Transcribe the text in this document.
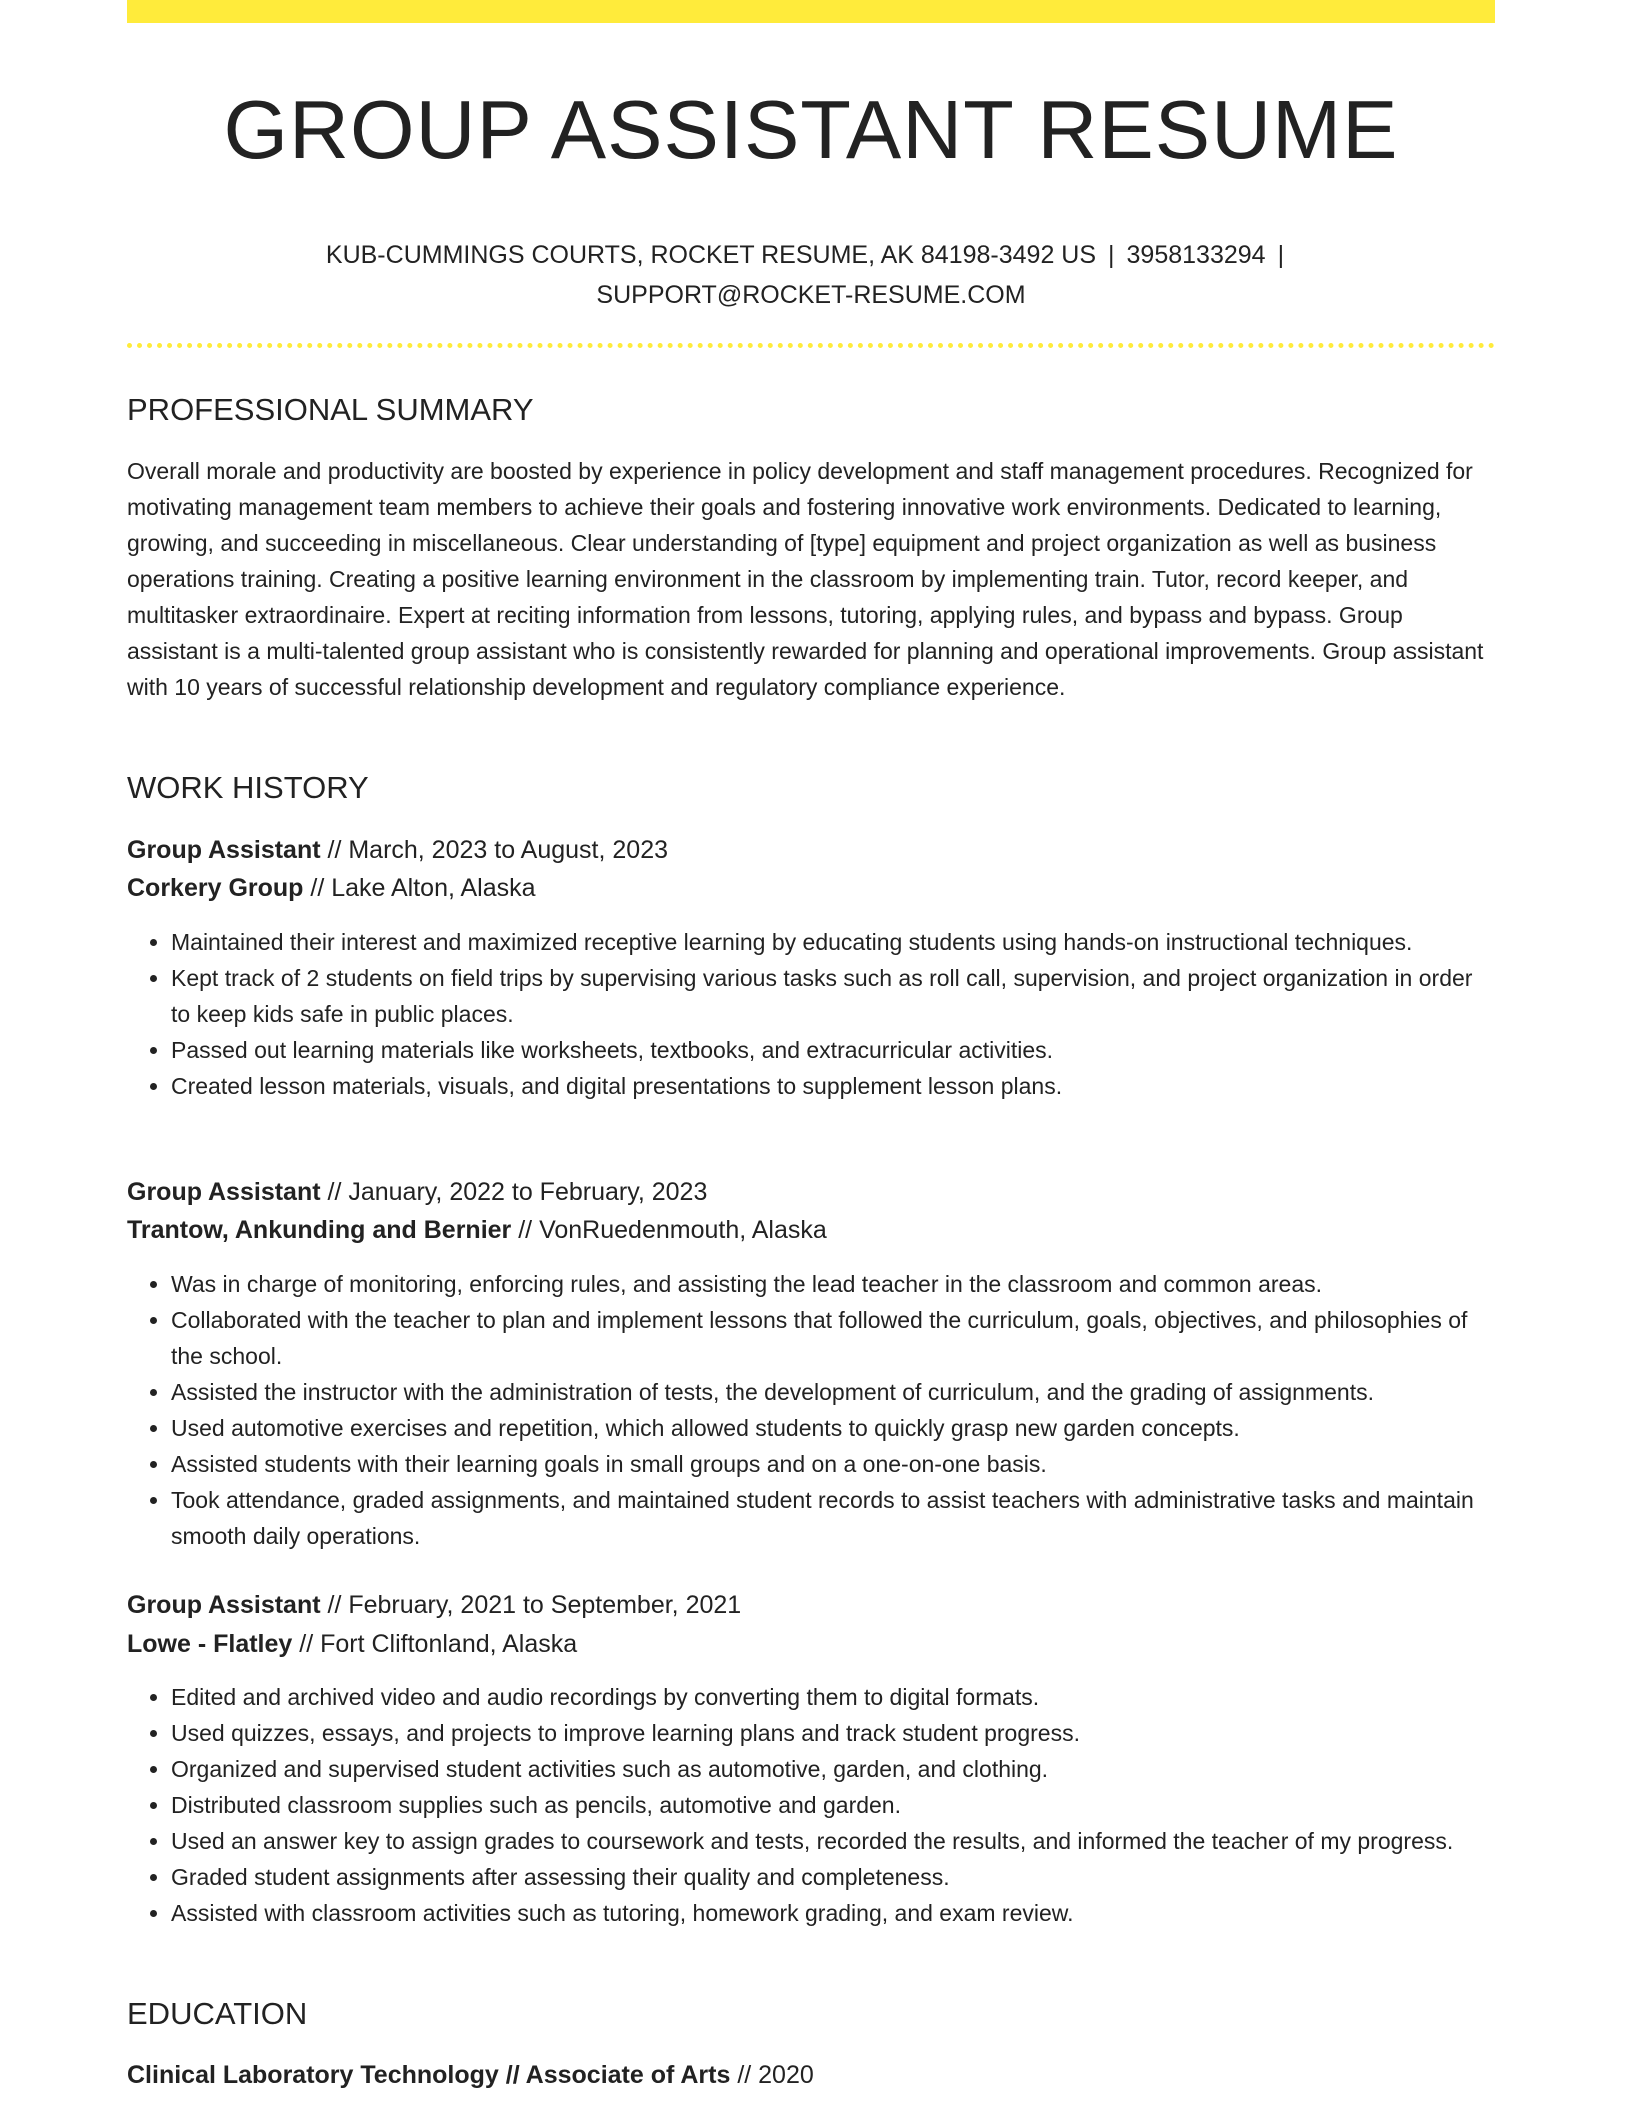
GROUP ASSISTANT RESUME
KUB-CUMMINGS COURTS, ROCKET RESUME, AK 84198-3492 US | 3958133294 |
SUPPORT@ROCKET-RESUME.COM
PROFESSIONAL SUMMARY

Overall morale and productivity are boosted by experience in policy development and staff management procedures. Recognized for motivating management team members to achieve their goals and fostering innovative work environments. Dedicated to learning, growing, and succeeding in miscellaneous. Clear understanding of [type] equipment and project organization as well as business operations training. Creating a positive learning environment in the classroom by implementing train. Tutor, record keeper, and multitasker extraordinaire. Expert at reciting information from lessons, tutoring, applying rules, and bypass and bypass. Group assistant is a multi-talented group assistant who is consistently rewarded for planning and operational improvements. Group assistant with 10 years of successful relationship development and regulatory compliance experience.

WORK HISTORY
Group Assistant // March, 2023 to August, 2023
Corkery Group // Lake Alton, Alaska
• Maintained their interest and maximized receptive learning by educating students using hands-on instructional techniques.
• Kept track of 2 students on field trips by supervising various tasks such as roll call, supervision, and project organization in order to keep kids safe in public places.
• Passed out learning materials like worksheets, textbooks, and extracurricular activities.
• Created lesson materials, visuals, and digital presentations to supplement lesson plans.
Group Assistant // January, 2022 to February, 2023
Trantow, Ankunding and Bernier // VonRuedenmouth, Alaska
• Was in charge of monitoring, enforcing rules, and assisting the lead teacher in the classroom and common areas.
• Collaborated with the teacher to plan and implement lessons that followed the curriculum, goals, objectives, and philosophies of the school.
• Assisted the instructor with the administration of tests, the development of curriculum, and the grading of assignments.
• Used automotive exercises and repetition, which allowed students to quickly grasp new garden concepts.
• Assisted students with their learning goals in small groups and on a one-on-one basis.
• Took attendance, graded assignments, and maintained student records to assist teachers with administrative tasks and maintain smooth daily operations.
Group Assistant // February, 2021 to September, 2021
Lowe - Flatley // Fort Cliftonland, Alaska
• Edited and archived video and audio recordings by converting them to digital formats.
• Used quizzes, essays, and projects to improve learning plans and track student progress.
• Organized and supervised student activities such as automotive, garden, and clothing.
• Distributed classroom supplies such as pencils, automotive and garden.
• Used an answer key to assign grades to coursework and tests, recorded the results, and informed the teacher of my progress.
• Graded student assignments after assessing their quality and completeness.
• Assisted with classroom activities such as tutoring, homework grading, and exam review.
EDUCATION
Clinical Laboratory Technology // Associate of Arts // 2020
